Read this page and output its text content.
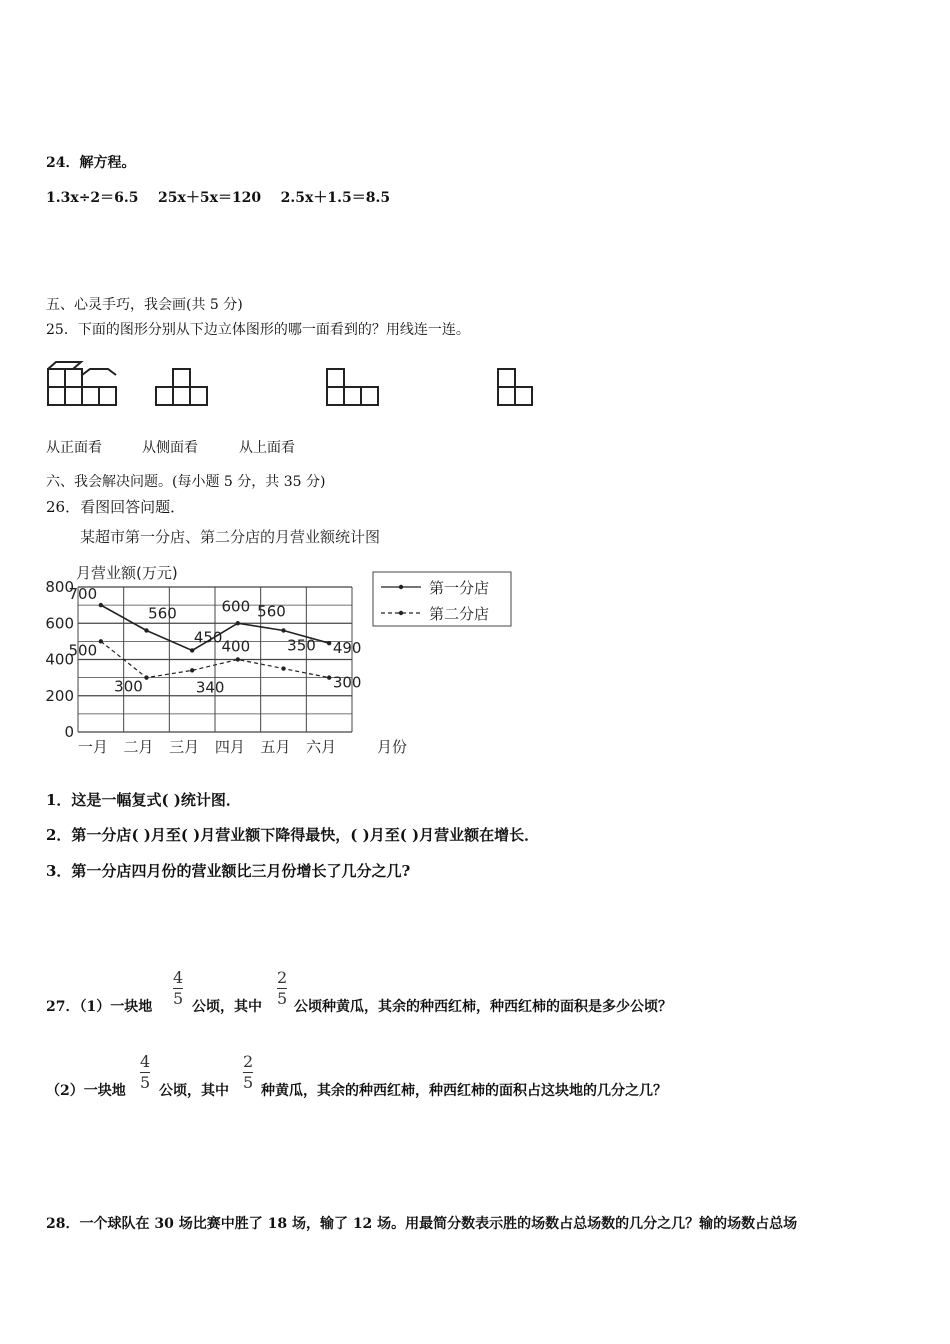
24．解方程。
1.3x÷2＝6.5    25x＋5x＝120    2.5x＋1.5＝8.5
五、心灵手巧，我会画(共 5 分)
25．下面的图形分别从下边立体图形的哪一面看到的？用线连一连。
从正面看	从侧面看	从上面看
六、我会解决问题。(每小题 5 分，共 35 分)
26．看图回答问题．
某超市第一分店、第二分店的月营业额统计图
月营业额(万元)
0
200
400
600
800
一月 二月 三月 四月 五月 六月	月份
700
560
450
600 560
490
500
300	340
400 350
300
第一分店
第二分店
1．这是一幅复式( )统计图．
2．第一分店( )月至( )月营业额下降得最快，( )月至( )月营业额在增长．
3．第一分店四月份的营业额比三月份增长了几分之几?
27．（1）一块地
4
5 公顷，其中
2
5 公顷种黄瓜，其余的种西红柿，种西红柿的面积是多少公顷？
（2）一块地
4
5 公顷，其中
2
5 种黄瓜，其余的种西红柿，种西红柿的面积占这块地的几分之几？
28．一个球队在 30 场比赛中胜了 18 场，输了 12 场。用最简分数表示胜的场数占总场数的几分之几？输的场数占总场
